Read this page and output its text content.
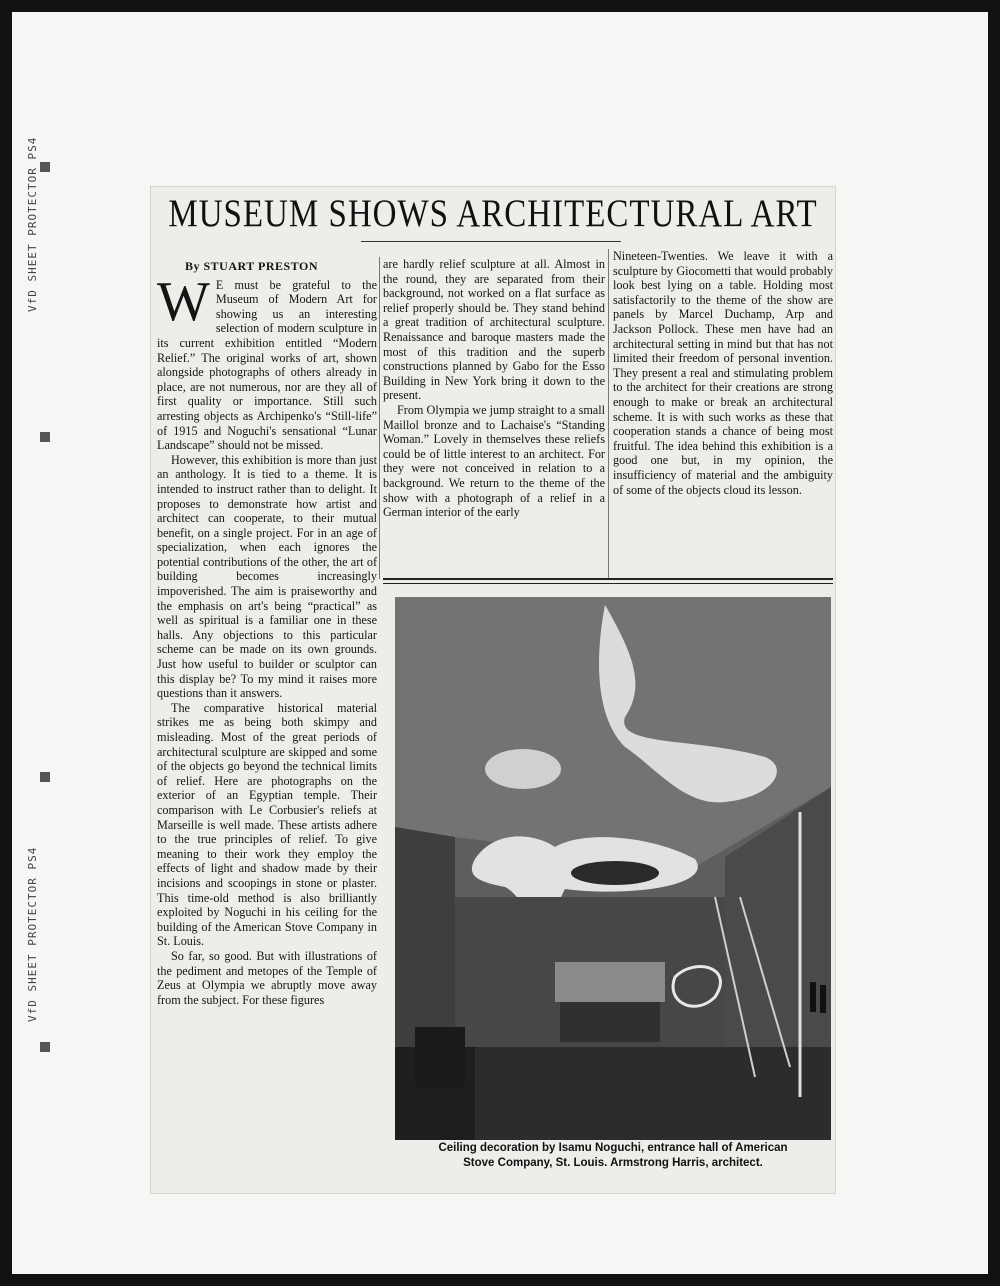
VfD SHEET PROTECTOR PS4
VfD SHEET PROTECTOR PS4
MUSEUM SHOWS ARCHITECTURAL ART
By STUART PRESTON

W E must be grateful to the Museum of Modern Art for showing us an interesting selection of modern sculpture in its current exhibition entitled “Modern Relief.” The original works of art, shown alongside photographs of others already in place, are not numerous, nor are they all of first quality or importance. Still such arresting objects as Archipenko's “Still-life” of 1915 and Noguchi's sensational “Lunar Landscape” should not be missed.

However, this exhibition is more than just an anthology. It is tied to a theme. It is intended to instruct rather than to delight. It proposes to demonstrate how artist and architect can cooperate, to their mutual benefit, on a single project. For in an age of specialization, when each ignores the potential contributions of the other, the art of building becomes increasingly impoverished. The aim is praiseworthy and the emphasis on art's being “practical” as well as spiritual is a familiar one in these halls. Any objections to this particular scheme can be made on its own grounds. Just how useful to builder or sculptor can this display be? To my mind it raises more questions than it answers.

The comparative historical material strikes me as being both skimpy and misleading. Most of the great periods of architectural sculpture are skipped and some of the objects go beyond the technical limits of relief. Here are photographs on the exterior of an Egyptian temple. Their comparison with Le Corbusier's reliefs at Marseille is well made. These artists adhere to the true principles of relief. To give meaning to their work they employ the effects of light and shadow made by their incisions and scoopings in stone or plaster. This time-old method is also brilliantly exploited by Noguchi in his ceiling for the building of the American Stove Company in St. Louis.

So far, so good. But with illustrations of the pediment and metopes of the Temple of Zeus at Olympia we abruptly move away from the subject. For these figures

are hardly relief sculpture at all. Almost in the round, they are separated from their background, not worked on a flat surface as relief properly should be. They stand behind a great tradition of architectural sculpture. Renaissance and baroque masters made the most of this tradition and the superb constructions planned by Gabo for the Esso Building in New York bring it down to the present.

From Olympia we jump straight to a small Maillol bronze and to Lachaise's “Standing Woman.” Lovely in themselves these reliefs could be of little interest to an architect. For they were not conceived in relation to a background. We return to the theme of the show with a photograph of a relief in a German interior of the early

Nineteen-Twenties. We leave it with a sculpture by Giocometti that would probably look best lying on a table. Holding most satisfactorily to the theme of the show are panels by Marcel Duchamp, Arp and Jackson Pollock. These men have had an architectural setting in mind but that has not limited their freedom of personal invention. They present a real and stimulating problem to the architect for their creations are strong enough to make or break an architectural scheme. It is with such works as these that cooperation stands a chance of being most fruitful. The idea behind this exhibition is a good one but, in my opinion, the insufficiency of material and the ambiguity of some of the objects cloud its lesson.

Ceiling decoration by Isamu Noguchi, entrance hall of American
Stove Company, St. Louis. Armstrong Harris, architect.
